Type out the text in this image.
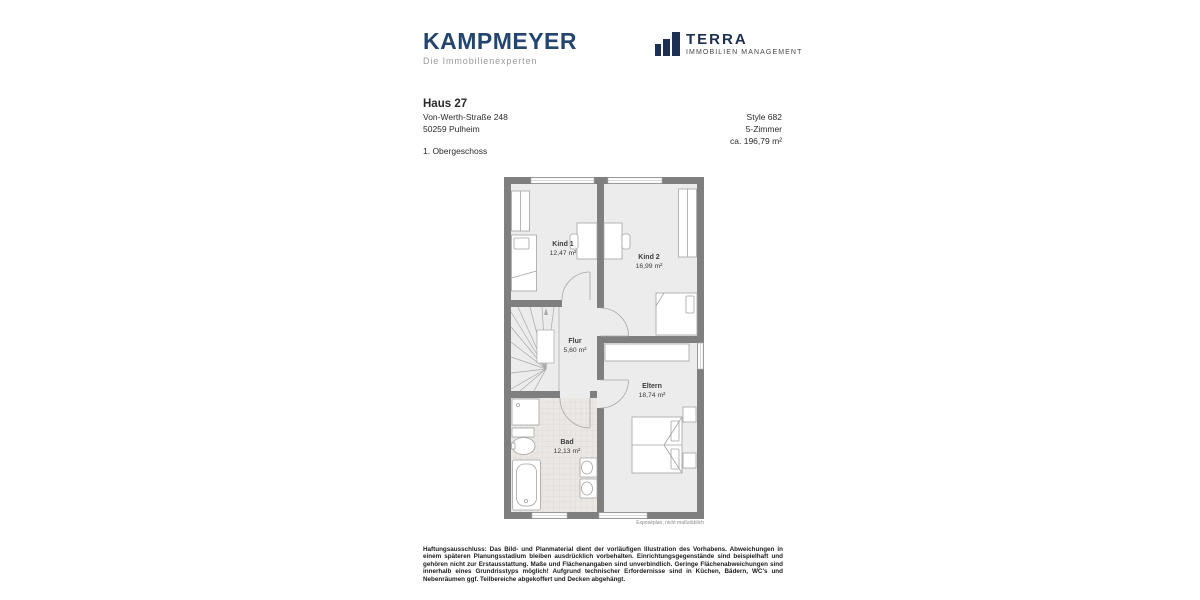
KAMPMEYER
Die Immobilienexperten
TERRA
IMMOBILIEN MANAGEMENT
Haus 27
Von-Werth-Straße 248
50259 Pulheim
1. Obergeschoss
Style 682
5-Zimmer
ca. 196,79 m²
Kind 1
12,47 m²
Kind 2
16,99 m²
Flur
5,60 m²
Eltern
18,74 m²
Bad
12,13 m²
Exposéplan, nicht maßstäblich
Haftungsausschluss: Das Bild- und Planmaterial dient der vorläufigen Illustration des Vorhabens. Abweichungen in einem späteren Planungsstadium bleiben ausdrücklich vorbehalten. Einrichtungsgegenstände sind beispielhaft und gehören nicht zur Erstausstattung. Maße und Flächenangaben sind unverbindlich. Geringe Flächenabweichungen sind innerhalb eines Grundrisstyps möglich! Aufgrund technischer Erfordernisse sind in Küchen, Bädern, WC's und Nebenräumen ggf. Teilbereiche abgekoffert und Decken abgehängt.
